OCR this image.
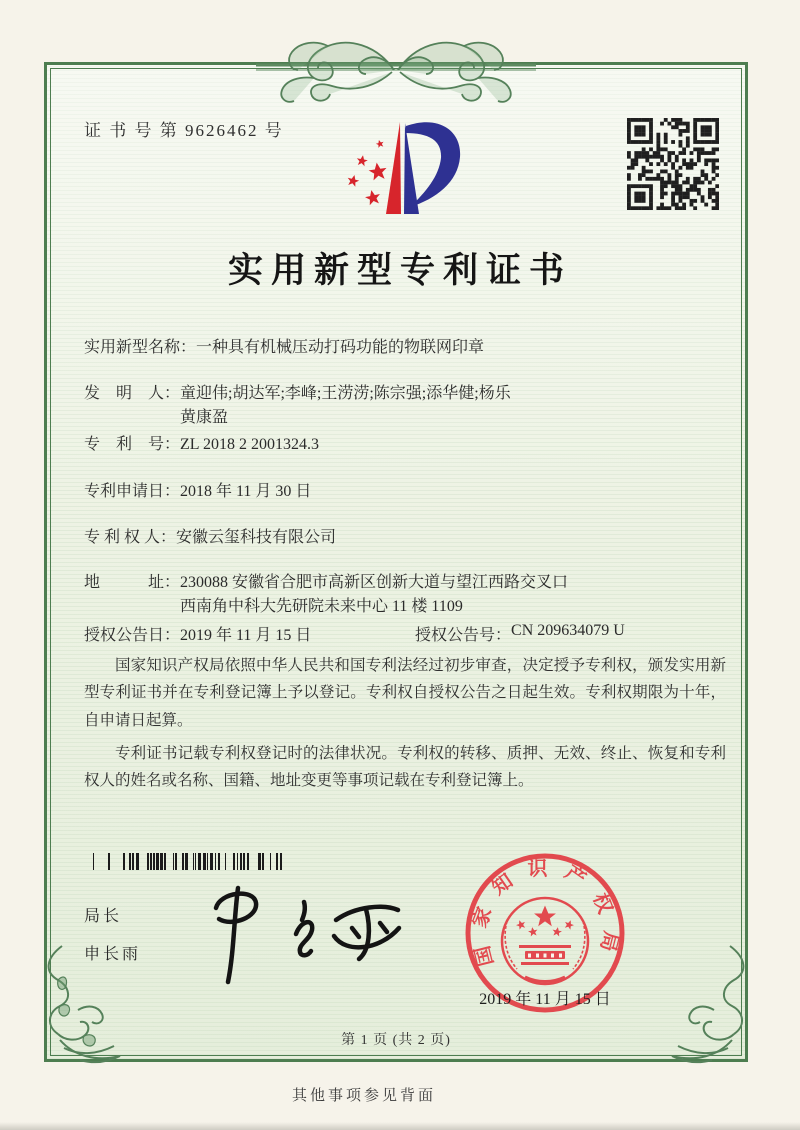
证 书 号 第 9626462 号
实用新型专利证书
实用新型名称： 一种具有机械压动打码功能的物联网印章
发　明　人： 童迎伟;胡达军;李峰;王涝涝;陈宗强;添华健;杨乐
黄康盈
专　利　号： ZL 2018 2 2001324.3
专利申请日： 2018 年 11 月 30 日
专 利 权 人： 安徽云玺科技有限公司
地　　　址： 230088 安徽省合肥市高新区创新大道与望江西路交叉口
西南角中科大先研院未来中心 11 楼 1109
授权公告日： 2019 年 11 月 15 日	授权公告号： CN 209634079 U

国家知识产权局依照中华人民共和国专利法经过初步审查，决定授予专利权，颁发实用新型专利证书并在专利登记簿上予以登记。专利权自授权公告之日起生效。专利权期限为十年，自申请日起算。

专利证书记载专利权登记时的法律状况。专利权的转移、质押、无效、终止、恢复和专利权人的姓名或名称、国籍、地址变更等事项记载在专利登记簿上。

局长
申长雨	国家知识产权局
2019 年 11 月 15 日
第 1 页 (共 2 页)
其他事项参见背面
